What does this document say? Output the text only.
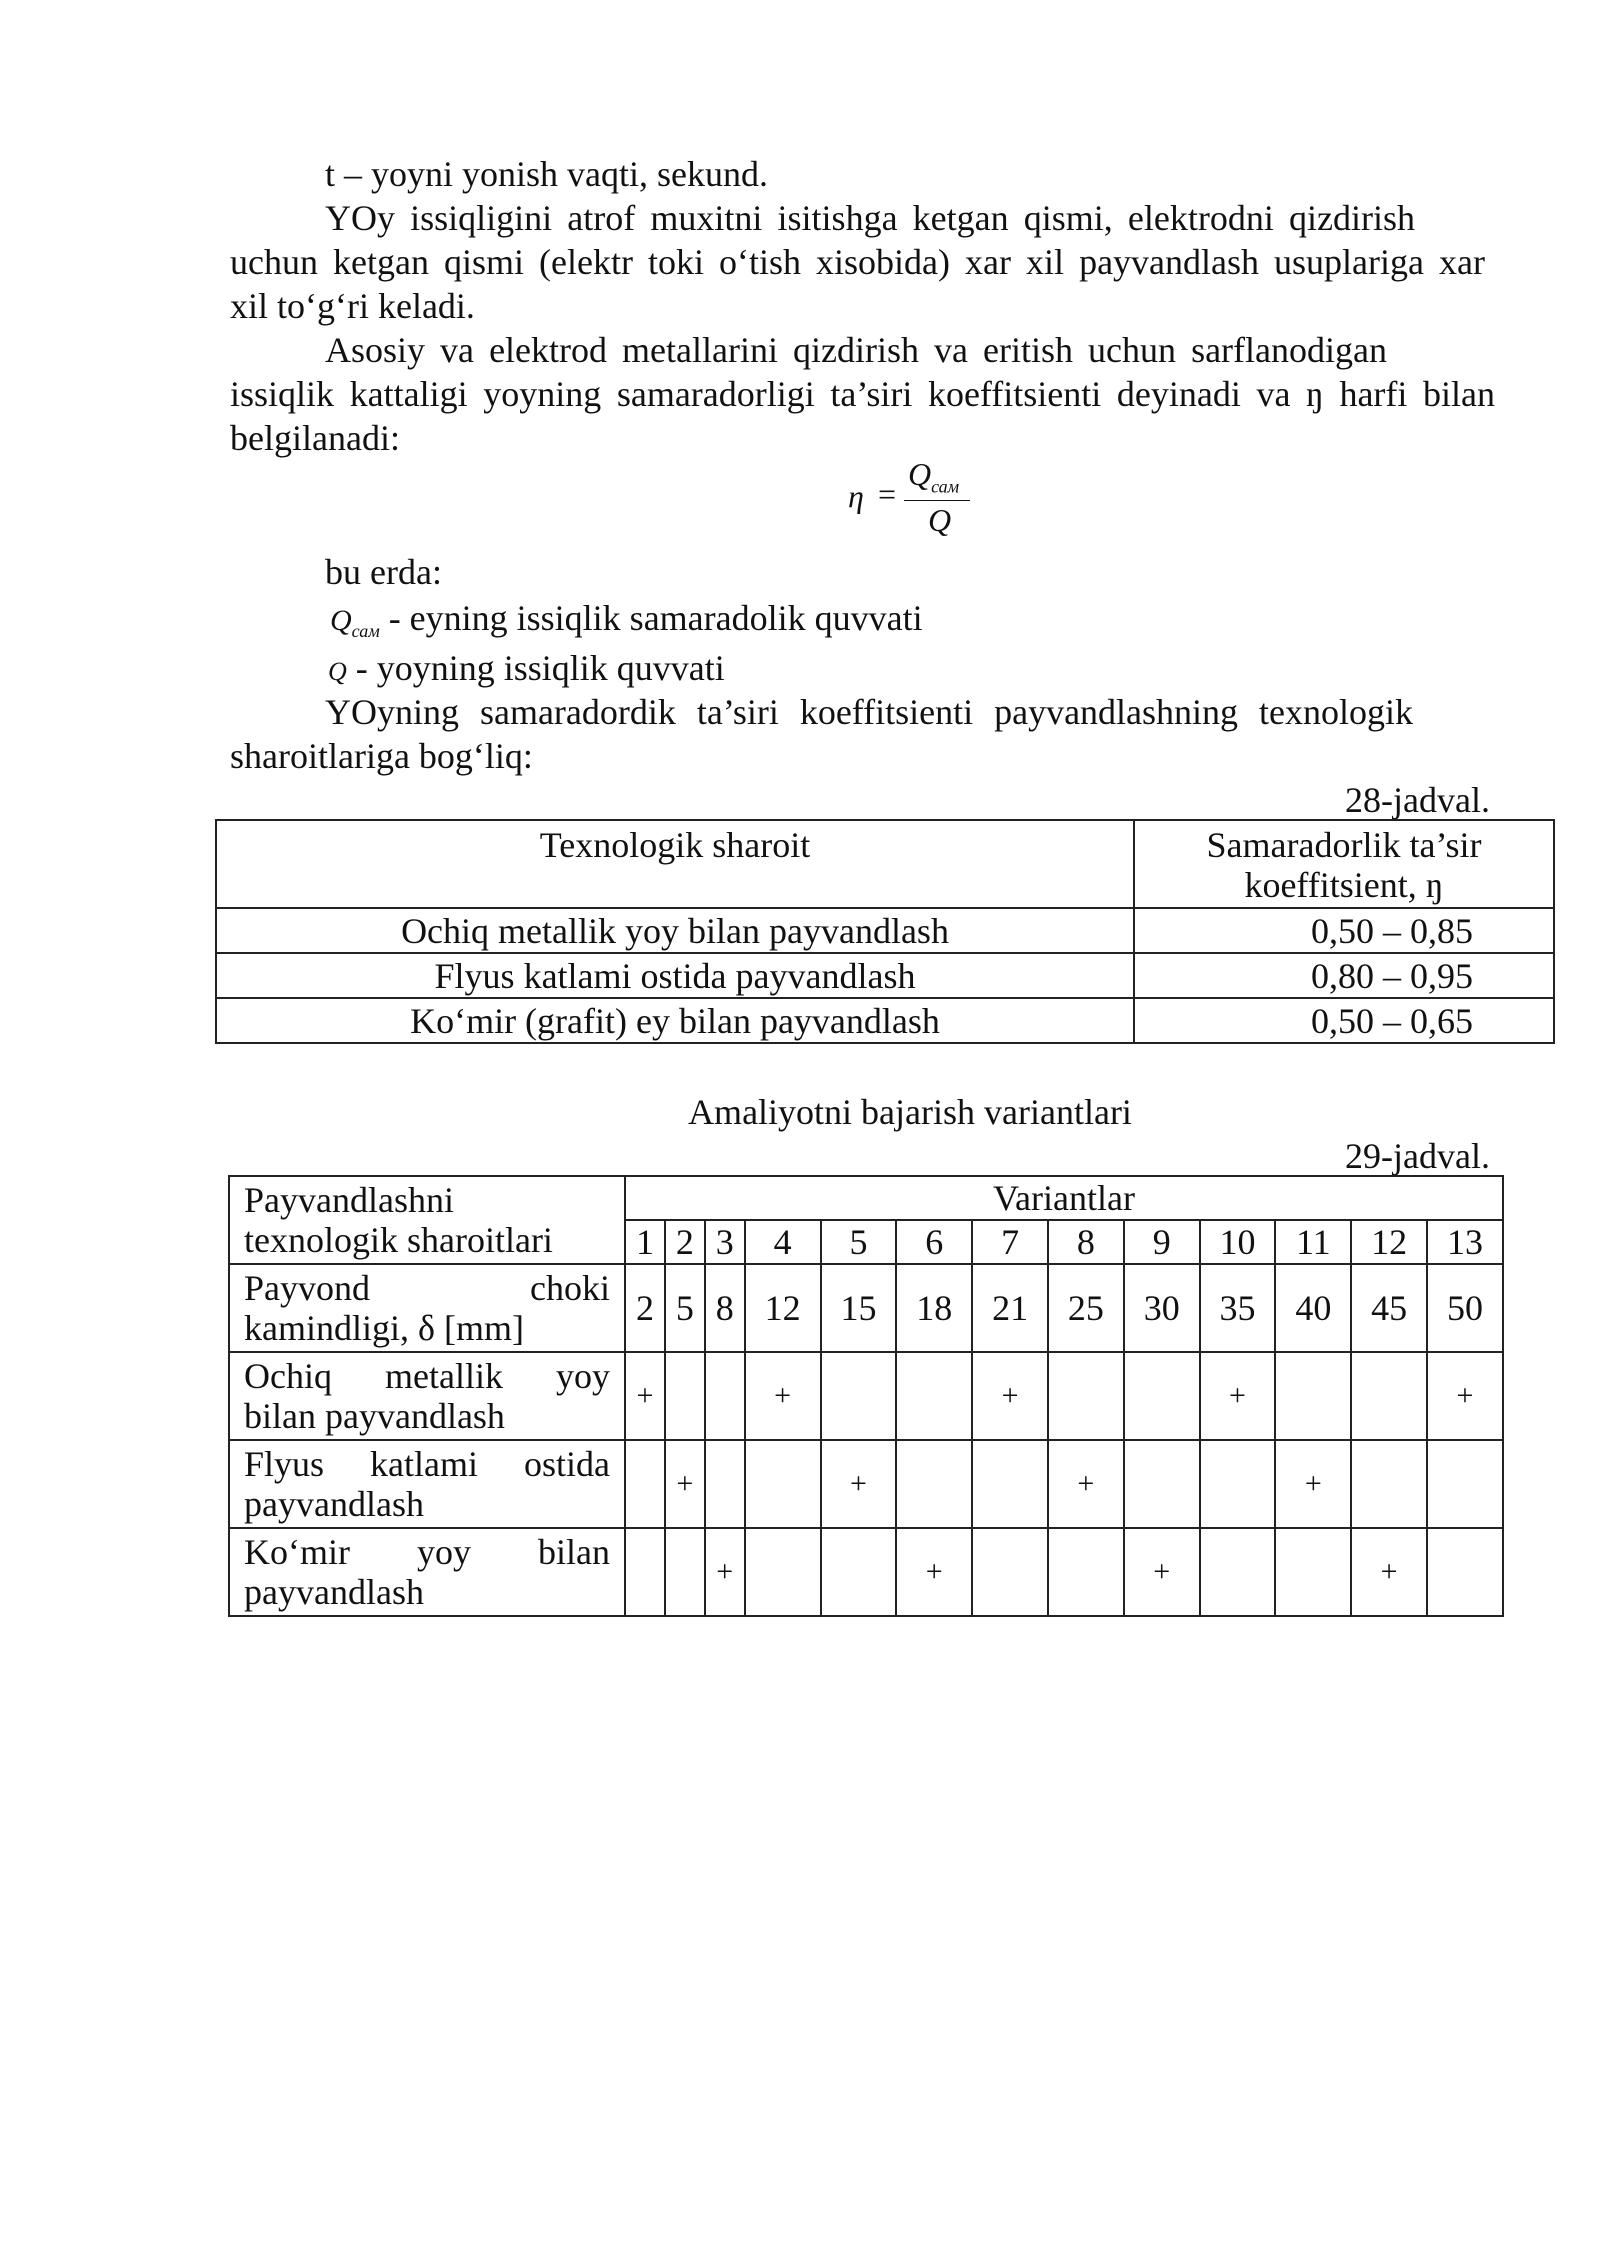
t – yoyni yonish vaqti, sekund.
YOy issiqligini atrof muxitni isitishga ketgan qismi, elektrodni qizdirish
uchun ketgan qismi (elektr toki o‘tish xisobida) xar xil payvandlash usuplariga xar
xil to‘g‘ri keladi.
Asosiy va elektrod metallarini qizdirish va eritish uchun sarflanodigan
issiqlik kattaligi yoyning samaradorligi ta’siri koeffitsienti deyinadi va ŋ harfi bilan
belgilanadi:
η =
$Q_{сам}$
Q
bu erda:
$Q_{сам}$ - eyning issiqlik samaradolik quvvati
Q - yoyning issiqlik quvvati
YOyning samaradordik ta’siri koeffitsienti payvandlashning texnologik
sharoitlariga bog‘liq:
28-jadval.
Texnologik sharoit	Samaradorlik ta’sir
koeffitsient, ŋ

Ochiq metallik yoy bilan payvandlash	0,50 – 0,85
Flyus katlami ostida payvandlash	0,80 – 0,95
Ko‘mir (grafit) ey bilan payvandlash	0,50 – 0,65
Amaliyotni bajarish variantlari
29-jadval.
Payvandlashni
texnologik sharoitlari	Variantlar												
	1	2	3	4	5	6	7	8	9	10	11	12	13

Payvond choki
kamindligi, δ [mm]	2	5	8	12	15	18	21	25	30	35	40	45	50

Ochiq metallik yoy
bilan payvandlash	+			+			+			+			+

Flyus katlami ostida
payvandlash		+			+			+			+		

Ko‘mir yoy bilan
payvandlash			+			+			+			+	
